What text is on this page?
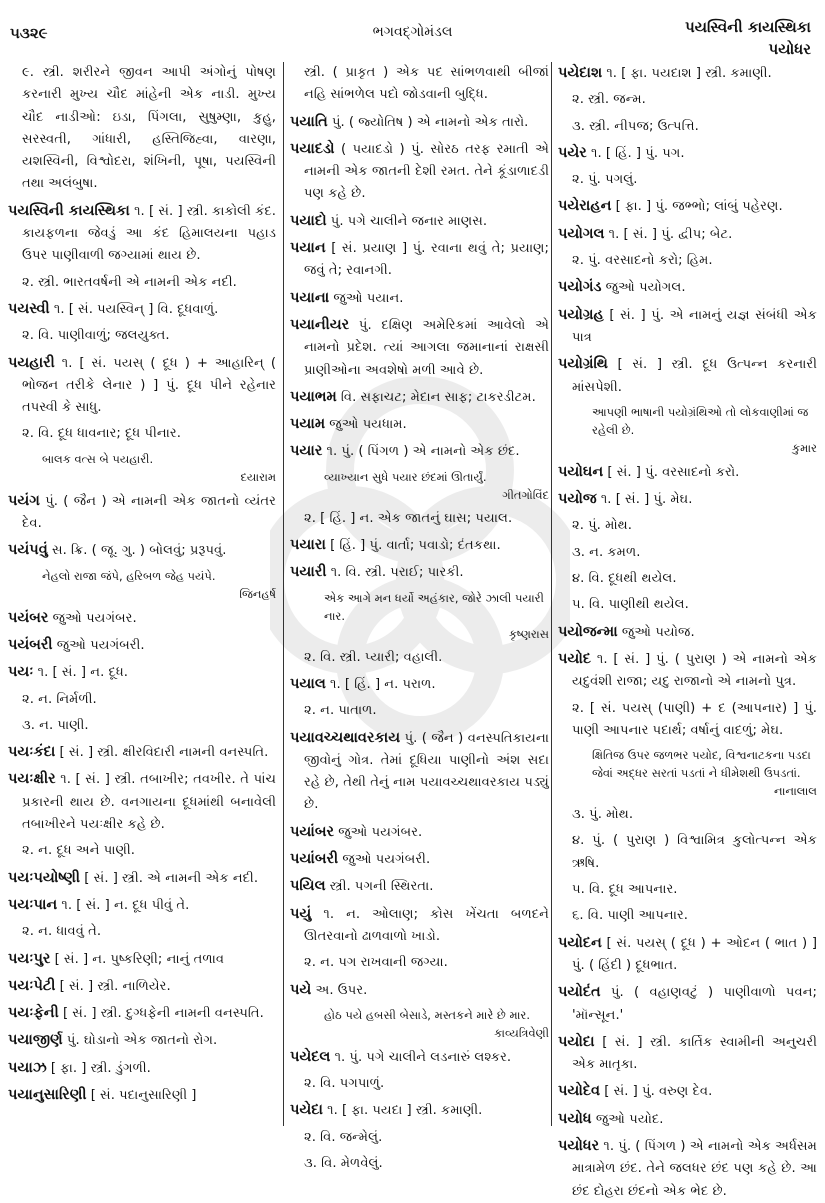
૫૩૨૯	ભગવદ્ગોમંડલ	પયસ્વિની કાયસ્થિકા
પયોધર
૯. સ્ત્રી. શરીરને જીવન આપી અંગોનું પોષણ કરનારી મુખ્ય ચૌદ માંહેની એક નાડી. મુખ્ય ચૌદ નાડીઓ: ઇડા, પિંગલા, સુષુમ્ણા, કુહુ, સરસ્વતી, ગાંધારી, હસ્તિજિહ્વા, વારણા, યશસ્વિની, વિશ્વોદરા, શંખિની, પૂષા, પયસ્વિની તથા અલંબુષા.
પયસ્વિની કાયસ્થિકા ૧. [ સં. ] સ્ત્રી. કાકોલી કંદ. કાયફળના જેવડું આ કંદ હિમાલયના પહાડ ઉપર પાણીવાળી જગ્યામાં થાય છે.
૨. સ્ત્રી. ભારતવર્ષની એ નામની એક નદી.
પયસ્વી ૧. [ સં. પયસ્વિન્ ] વિ. દૂધવાળું.
૨. વિ. પાણીવાળું; જલયુક્ત.
પયહારી ૧. [ સં. પયસ્ ( દૂધ ) + આહારિન્ ( ભોજન તરીકે લેનાર ) ] પું. દૂધ પીને રહેનાર તપસ્વી કે સાધુ.
૨. વિ. દૂધ ધાવનાર; દૂધ પીનાર.
બાલક વત્સ બે પયહારી.
દયારામ
પયંગ પું. ( જૈન ) એ નામની એક જાતનો વ્યંતર દેવ.
પયંપવું સ. ક્રિ. ( જૂ. ગુ. ) બોલવું; પ્રરૂપવું.
નેહલો રાજા જંપે, હરિબળ જેહ પયંપે.
જિનહર્ષ
પયંબર જુઓ પયગંબર.
પયંબરી જુઓ પયગંબરી.
પયઃ ૧. [ સં. ] ન. દૂધ.
૨. ન. નિર્મળી.
૩. ન. પાણી.
પયઃકંદા [ સં. ] સ્ત્રી. ક્ષીરવિદારી નામની વનસ્પતિ.
પયઃક્ષીર ૧. [ સં. ] સ્ત્રી. તબાખીર; તવખીર. તે પાંચ પ્રકારની થાય છે. વનગાયના દૂધમાંથી બનાવેલી તબાખીરને પયઃક્ષીર કહે છે.
૨. ન. દૂધ અને પાણી.
પયઃપયોષ્ણી [ સં. ] સ્ત્રી. એ નામની એક નદી.
પયઃપાન ૧. [ સં. ] ન. દૂધ પીવું તે.
૨. ન. ધાવવું તે.
પયઃપુર [ સં. ] ન. પુષ્કરિણી; નાનું તળાવ
પયઃપેટી [ સં. ] સ્ત્રી. નાળિયેર.
પયઃફેની [ સં. ] સ્ત્રી. દુગ્ધફેની નામની વનસ્પતિ.
પયાજીર્ણ પું. ઘોડાનો એક જાતનો રોગ.
પયાઝ [ ફા. ] સ્ત્રી. ડુંગળી.
પયાનુસારિણી [ સં. પદાનુસારિણી ]
સ્ત્રી. ( પ્રાકૃત ) એક પદ સાંભળવાથી બીજાં નહિ સાંભળેલ પદો જોડવાની બુદ્ધિ.
પયાતિ પું. ( જ્યોતિષ ) એ નામનો એક તારો.
પયાદડો ( પયાદડો ) પું. સોરઠ તરફ રમાતી એ નામની એક જાતની દેશી રમત. તેને કૂંડાળાદડી પણ કહે છે.
પયાદો પું. પગે ચાલીને જનાર માણસ.
પયાન [ સં. પ્રયાણ ] પું. રવાના થવું તે; પ્રયાણ; જવું તે; રવાનગી.
પયાના જુઓ પયાન.
પયાનીયર પું. દક્ષિણ અમેરિકમાં આવેલો એ નામનો પ્રદેશ. ત્યાં આગલા જમાનાનાં રાક્ષસી પ્રાણીઓના અવશેષો મળી આવે છે.
પયાભમ વિ. સફાચટ; મેદાન સાફ; ટાકરડીટમ.
પયામ જુઓ પયધામ.
પયાર ૧. પું. ( પિંગળ ) એ નામનો એક છંદ.
વ્યાખ્યાન સુધે પયાર છંદમાં ઊતાર્યું.
ગીતગોવિંદ
૨. [ હિં. ] ન. એક જાતનું ઘાસ; પયાલ.
પયારા [ હિં. ] પું. વાર્તા; પવાડો; દંતકથા.
પયારી ૧. વિ. સ્ત્રી. પરાઈ; પારકી.
એક આગે મન ધર્યો અહંકાર, જોરે ઝાલી પયારી નાર.
કૃષ્ણરાસ
૨. વિ. સ્ત્રી. પ્યારી; વહાલી.
પયાલ ૧. [ હિં. ] ન. પરાળ.
૨. ન. પાતાળ.
પયાવચ્ચથાવરકાય પું. ( જૈન ) વનસ્પતિકાયના જીવોનું ગોત્ર. તેમાં દૂધિયા પાણીનો અંશ સદા રહે છે, તેથી તેનું નામ પયાવચ્ચથાવરકાય પડ્યું છે.
પયાંબર જુઓ પયગંબર.
પયાંબરી જુઓ પયગંબરી.
પયિલ સ્ત્રી. પગની સ્થિરતા.
પયું ૧. ન. ઓલાણ; કોસ ખેંચતા બળદને ઊતરવાનો ઢાળવાળો ખાડો.
૨. ન. પગ રાખવાની જગ્યા.
પયે અ. ઉપર.
હોઠ પયે હબસી બેસાડે, મસ્તકને મારે છે માર.
કાવ્યત્રિવેણી
પયેદલ ૧. પું. પગે ચાલીને લડનારું લશ્કર.
૨. વિ. પગપાળું.
પયેદા ૧. [ ફા. પયદા ] સ્ત્રી. કમાણી.
૨. વિ. જન્મેલું.
૩. વિ. મેળવેલું.
પયેદાશ ૧. [ ફા. પયદાશ ] સ્ત્રી. કમાણી.
૨. સ્ત્રી. જન્મ.
૩. સ્ત્રી. નીપજ; ઉત્પત્તિ.
પયેર ૧. [ હિં. ] પું. પગ.
૨. પું. પગલું.
પયેરાહન [ ફા. ] પું. જભ્ભો; લાંબું પહેરણ.
પયોગલ ૧. [ સં. ] પું. દ્વીપ; બેટ.
૨. પું. વરસાદનો કરો; હિમ.
પયોગંડ જુઓ પયોગલ.
પયોગ્રહ [ સં. ] પું. એ નામનું યજ્ઞ સંબંધી એક પાત્ર
પયોગ્રંથિ [ સં. ] સ્ત્રી. દૂધ ઉત્પન્ન કરનારી માંસપેશી.
આપણી ભાષાની પયોગ્રંથિઓ તો લોકવાણીમાં જ રહેલી છે.
કુમાર
પયોઘન [ સં. ] પું. વરસાદનો કરો.
પયોજ ૧. [ સં. ] પું. મેઘ.
૨. પું. મોથ.
૩. ન. કમળ.
૪. વિ. દૂધથી થયેલ.
૫. વિ. પાણીથી થયેલ.
પયોજન્મા જુઓ પયોજ.
પયોદ ૧. [ સં. ] પું. ( પુરાણ ) એ નામનો એક યદુવંશી રાજા; યદુ રાજાનો એ નામનો પુત્ર.
૨. [ સં. પયસ્ (પાણી) + દ (આપનાર) ] પું. પાણી આપનાર પદાર્થ; વર્ષાનું વાદળું; મેઘ.
ક્ષિતિજ ઉપર જળભર પયોદ, વિશ્વનાટકના પડદા જેવાં અદ્ધર સરતાં પડતાં ને ધીમેશથી ઉપડતાં.
નાનાલાલ
૩. પું. મોથ.
૪. પું. ( પુરાણ ) વિશ્વામિત્ર કુલોત્પન્ન એક ઋષિ.
૫. વિ. દૂધ આપનાર.
૬. વિ. પાણી આપનાર.
પયોદન [ સં. પયસ્ ( દૂધ ) + ઓદન ( ભાત ) ] પું. ( હિંદી ) દૂધભાત.
પયોદંત પું. ( વહાણવટું ) પાણીવાળો પવન; 'મૉન્સૂન.'
પયોદા [ સં. ] સ્ત્રી. કાર્તિક સ્વામીની અનુચરી એક માતૃકા.
પયોદેવ [ સં. ] પું. વરુણ દેવ.
પયોધ જુઓ પયોદ.
પયોધર ૧. પું. ( પિંગળ ) એ નામનો એક અર્ધસમ માત્રામેળ છંદ. તેને જલધર છંદ પણ કહે છે. આ છંદ દોહરા છંદનો એક ભેદ છે.
